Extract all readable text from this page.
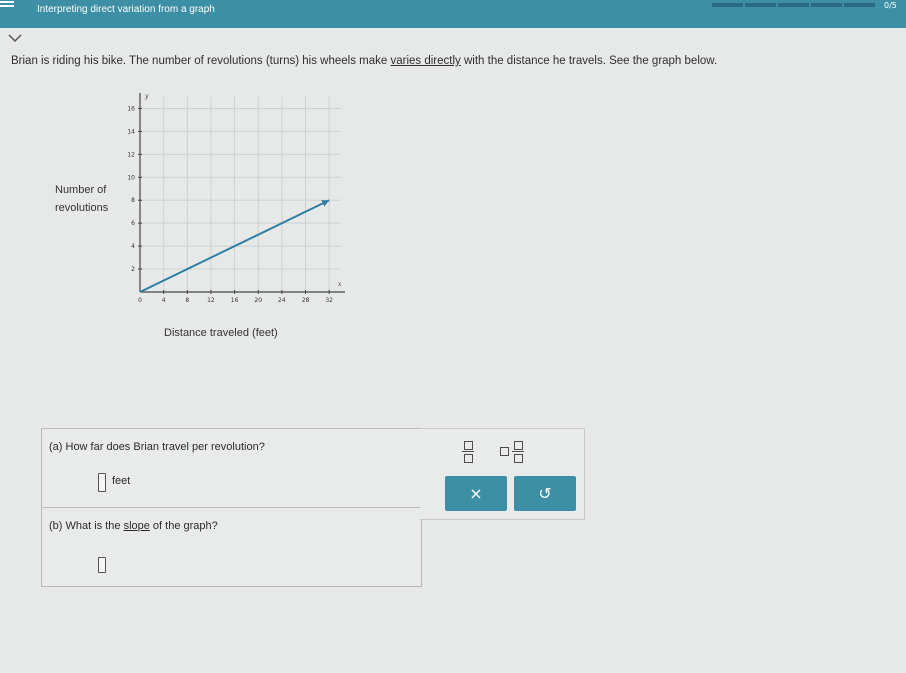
Interpreting direct variation from a graph	0/5
Brian is riding his bike. The number of revolutions (turns) his wheels make varies directly with the distance he travels. See the graph below.
Number of
revolutions
0	4	8	12	16	20	24	28	32
2
4
6
8
10
12
14
16
x
y
Distance traveled (feet)
(a) How far does Brian travel per revolution?
feet
(b) What is the slope of the graph?
×	↺
